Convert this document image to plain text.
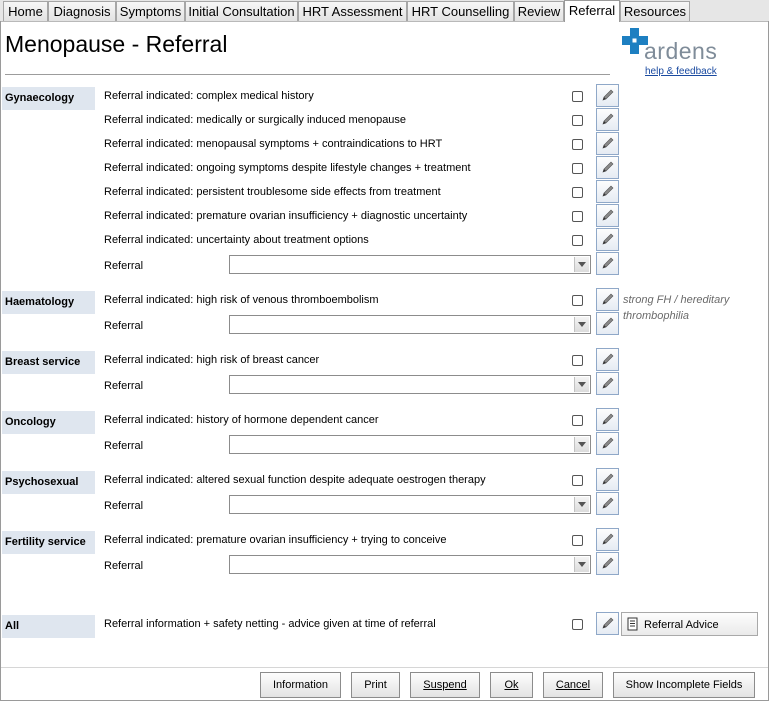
Home Diagnosis Symptoms Initial Consultation HRT Assessment HRT Counselling Review Referral Resources
Menopause - Referral	ardens
help & feedback
Gynaecology	Referral indicated: complex medical history
Referral indicated: medically or surgically induced menopause
Referral indicated: menopausal symptoms + contraindications to HRT
Referral indicated: ongoing symptoms despite lifestyle changes + treatment
Referral indicated: persistent troublesome side effects from treatment
Referral indicated: premature ovarian insufficiency + diagnostic uncertainty
Referral indicated: uncertainty about treatment options
Referral
Haematology	Referral indicated: high risk of venous thromboembolism	strong FH / hereditary thrombophilia
Referral
Breast service	Referral indicated: high risk of breast cancer
Referral
Oncology	Referral indicated: history of hormone dependent cancer
Referral
Psychosexual	Referral indicated: altered sexual function despite adequate oestrogen therapy
Referral
Fertility service	Referral indicated: premature ovarian insufficiency + trying to conceive
Referral
All	Referral information + safety netting - advice given at time of referral	Referral Advice
Information	Print	Suspend	Ok	Cancel	Show Incomplete Fields
